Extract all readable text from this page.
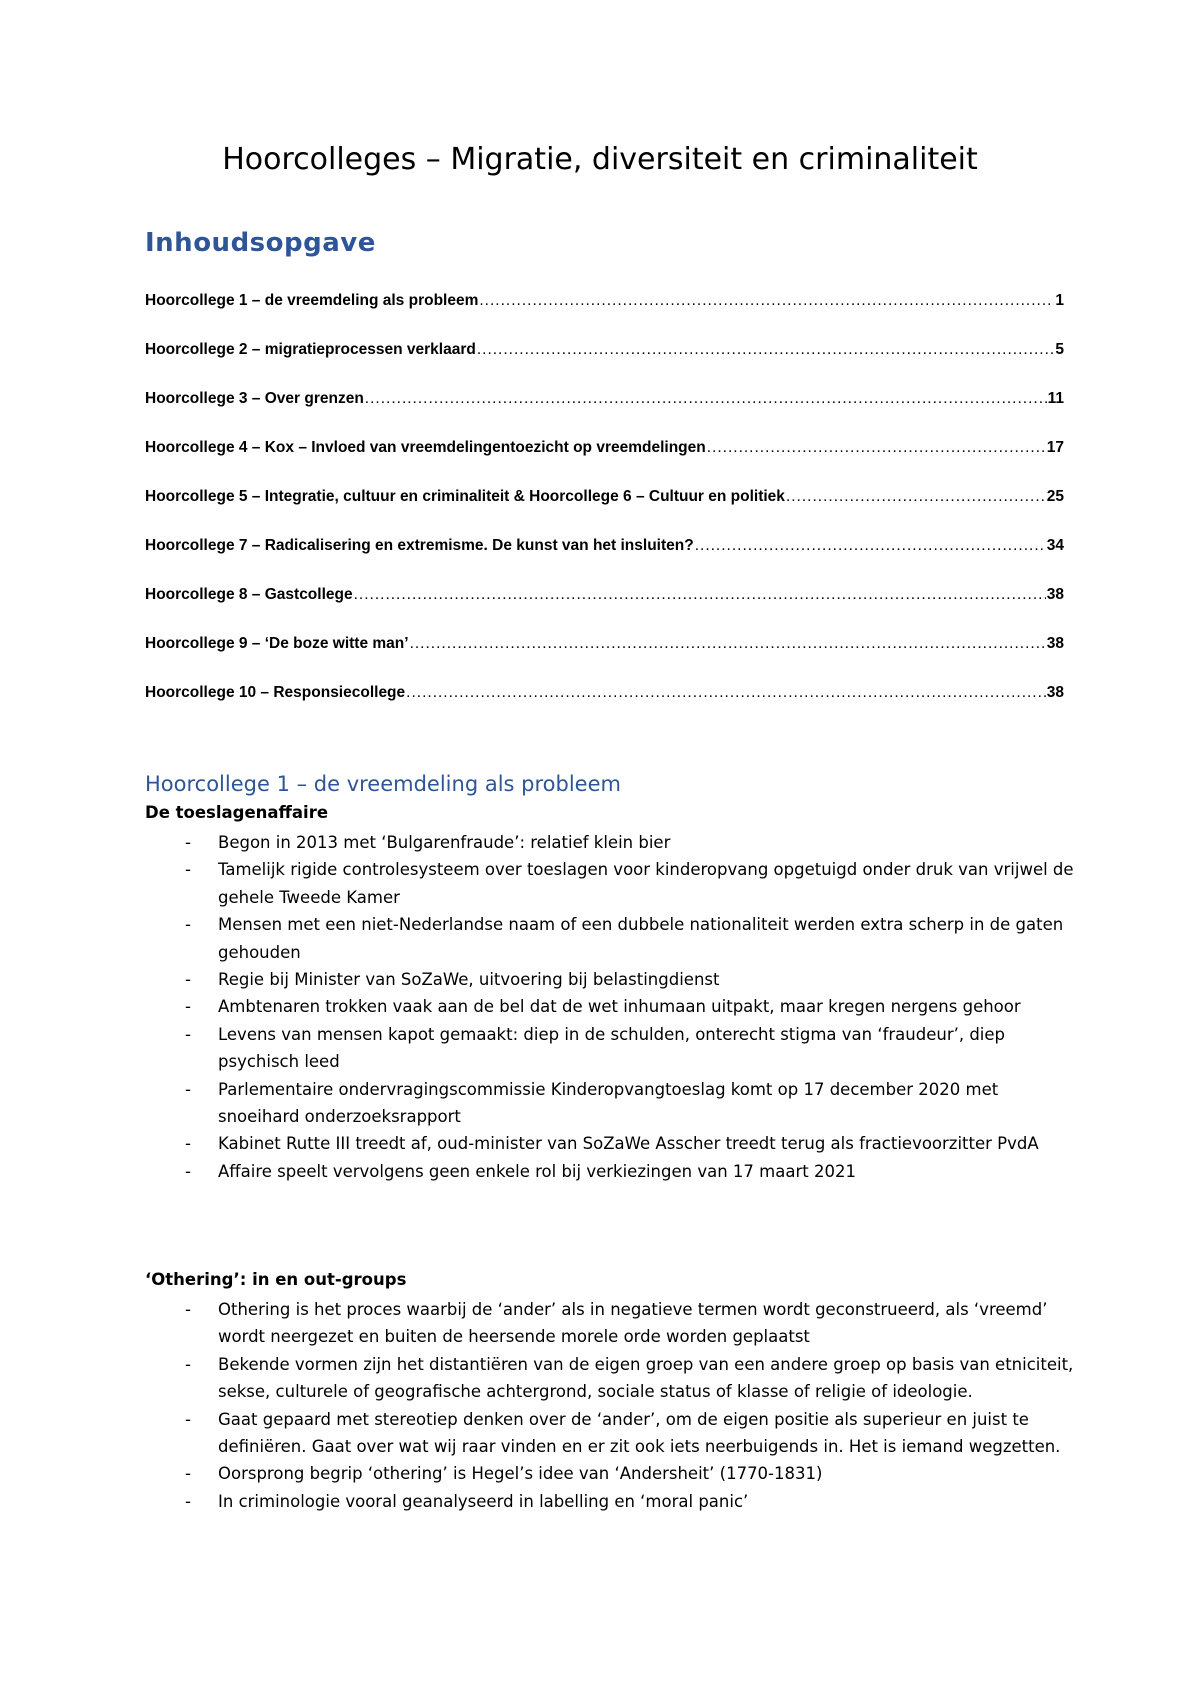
Hoorcolleges – Migratie, diversiteit en criminaliteit
Inhoudsopgave
Hoorcollege 1 – de vreemdeling als probleem .....	1
Hoorcollege 2 – migratieprocessen verklaard .....	5
Hoorcollege 3 – Over grenzen .....	11
Hoorcollege 4 – Kox – Invloed van vreemdelingentoezicht op vreemdelingen .....	17
Hoorcollege 5 – Integratie, cultuur en criminaliteit & Hoorcollege 6 – Cultuur en politiek .....	25
Hoorcollege 7 – Radicalisering en extremisme. De kunst van het insluiten? .....	34
Hoorcollege 8 – Gastcollege .....	38
Hoorcollege 9 – ‘De boze witte man’ .....	38
Hoorcollege 10 – Responsiecollege .....	38
Hoorcollege 1 – de vreemdeling als probleem
De toeslagenaffaire
- Begon in 2013 met ‘Bulgarenfraude’: relatief klein bier
- Tamelijk rigide controlesysteem over toeslagen voor kinderopvang opgetuigd onder druk van vrijwel de gehele Tweede Kamer
- Mensen met een niet-Nederlandse naam of een dubbele nationaliteit werden extra scherp in de gaten gehouden
- Regie bij Minister van SoZaWe, uitvoering bij belastingdienst
- Ambtenaren trokken vaak aan de bel dat de wet inhumaan uitpakt, maar kregen nergens gehoor
- Levens van mensen kapot gemaakt: diep in de schulden, onterecht stigma van ‘fraudeur’, diep psychisch leed
- Parlementaire ondervragingscommissie Kinderopvangtoeslag komt op 17 december 2020 met snoeihard onderzoeksrapport
- Kabinet Rutte III treedt af, oud-minister van SoZaWe Asscher treedt terug als fractievoorzitter PvdA
- Affaire speelt vervolgens geen enkele rol bij verkiezingen van 17 maart 2021
‘Othering’: in en out-groups
- Othering is het proces waarbij de ‘ander’ als in negatieve termen wordt geconstrueerd, als ‘vreemd’ wordt neergezet en buiten de heersende morele orde worden geplaatst
- Bekende vormen zijn het distantiëren van de eigen groep van een andere groep op basis van etniciteit, sekse, culturele of geografische achtergrond, sociale status of klasse of religie of ideologie.
- Gaat gepaard met stereotiep denken over de ‘ander’, om de eigen positie als superieur en juist te definiëren. Gaat over wat wij raar vinden en er zit ook iets neerbuigends in. Het is iemand wegzetten.
- Oorsprong begrip ‘othering’ is Hegel’s idee van ‘Andersheit’ (1770-1831)
- In criminologie vooral geanalyseerd in labelling en ‘moral panic’
